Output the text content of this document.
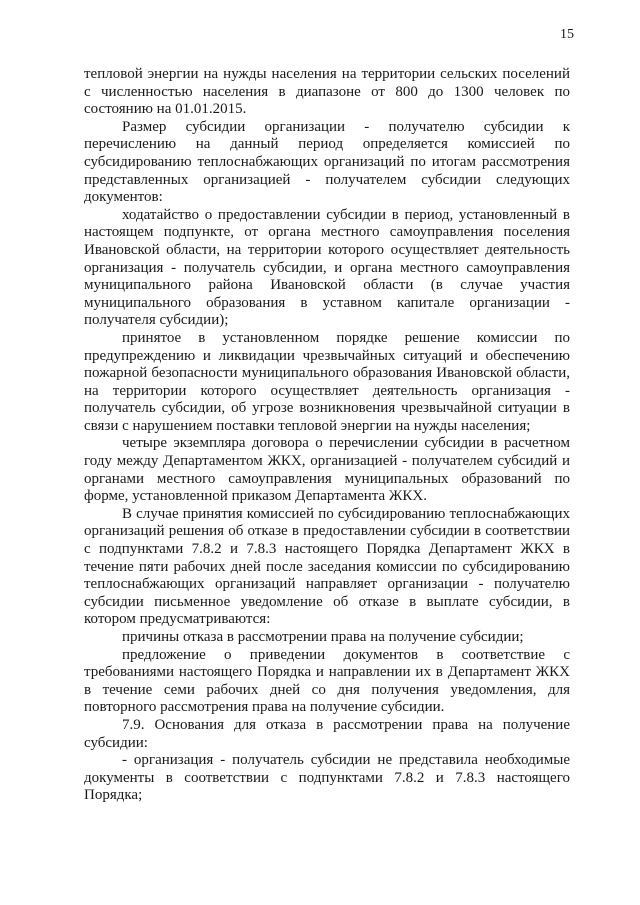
15

тепловой энергии на нужды населения на территории сельских поселений с численностью населения в диапазоне от 800 до 1300 человек по состоянию на 01.01.2015.

Размер субсидии организации - получателю субсидии к перечислению на данный период определяется комиссией по субсидированию теплоснабжающих организаций по итогам рассмотрения представленных организацией - получателем субсидии следующих документов:

ходатайство о предоставлении субсидии в период, установленный в настоящем подпункте, от органа местного самоуправления поселения Ивановской области, на территории которого осуществляет деятельность организация - получатель субсидии, и органа местного самоуправления муниципального района Ивановской области (в случае участия муниципального образования в уставном капитале организации - получателя субсидии);

принятое в установленном порядке решение комиссии по предупреждению и ликвидации чрезвычайных ситуаций и обеспечению пожарной безопасности муниципального образования Ивановской области, на территории которого осуществляет деятельность организация - получатель субсидии, об угрозе возникновения чрезвычайной ситуации в связи с нарушением поставки тепловой энергии на нужды населения;

четыре экземпляра договора о перечислении субсидии в расчетном году между Департаментом ЖКХ, организацией - получателем субсидий и органами местного самоуправления муниципальных образований по форме, установленной приказом Департамента ЖКХ.

В случае принятия комиссией по субсидированию теплоснабжающих организаций решения об отказе в предоставлении субсидии в соответствии с подпунктами 7.8.2 и 7.8.3 настоящего Порядка Департамент ЖКХ в течение пяти рабочих дней после заседания комиссии по субсидированию теплоснабжающих организаций направляет организации - получателю субсидии письменное уведомление об отказе в выплате субсидии, в котором предусматриваются:

причины отказа в рассмотрении права на получение субсидии;

предложение о приведении документов в соответствие с требованиями настоящего Порядка и направлении их в Департамент ЖКХ в течение семи рабочих дней со дня получения уведомления, для повторного рассмотрения права на получение субсидии.

7.9. Основания для отказа в рассмотрении права на получение субсидии:

- организация - получатель субсидии не представила необходимые документы в соответствии с подпунктами 7.8.2 и 7.8.3 настоящего Порядка;
